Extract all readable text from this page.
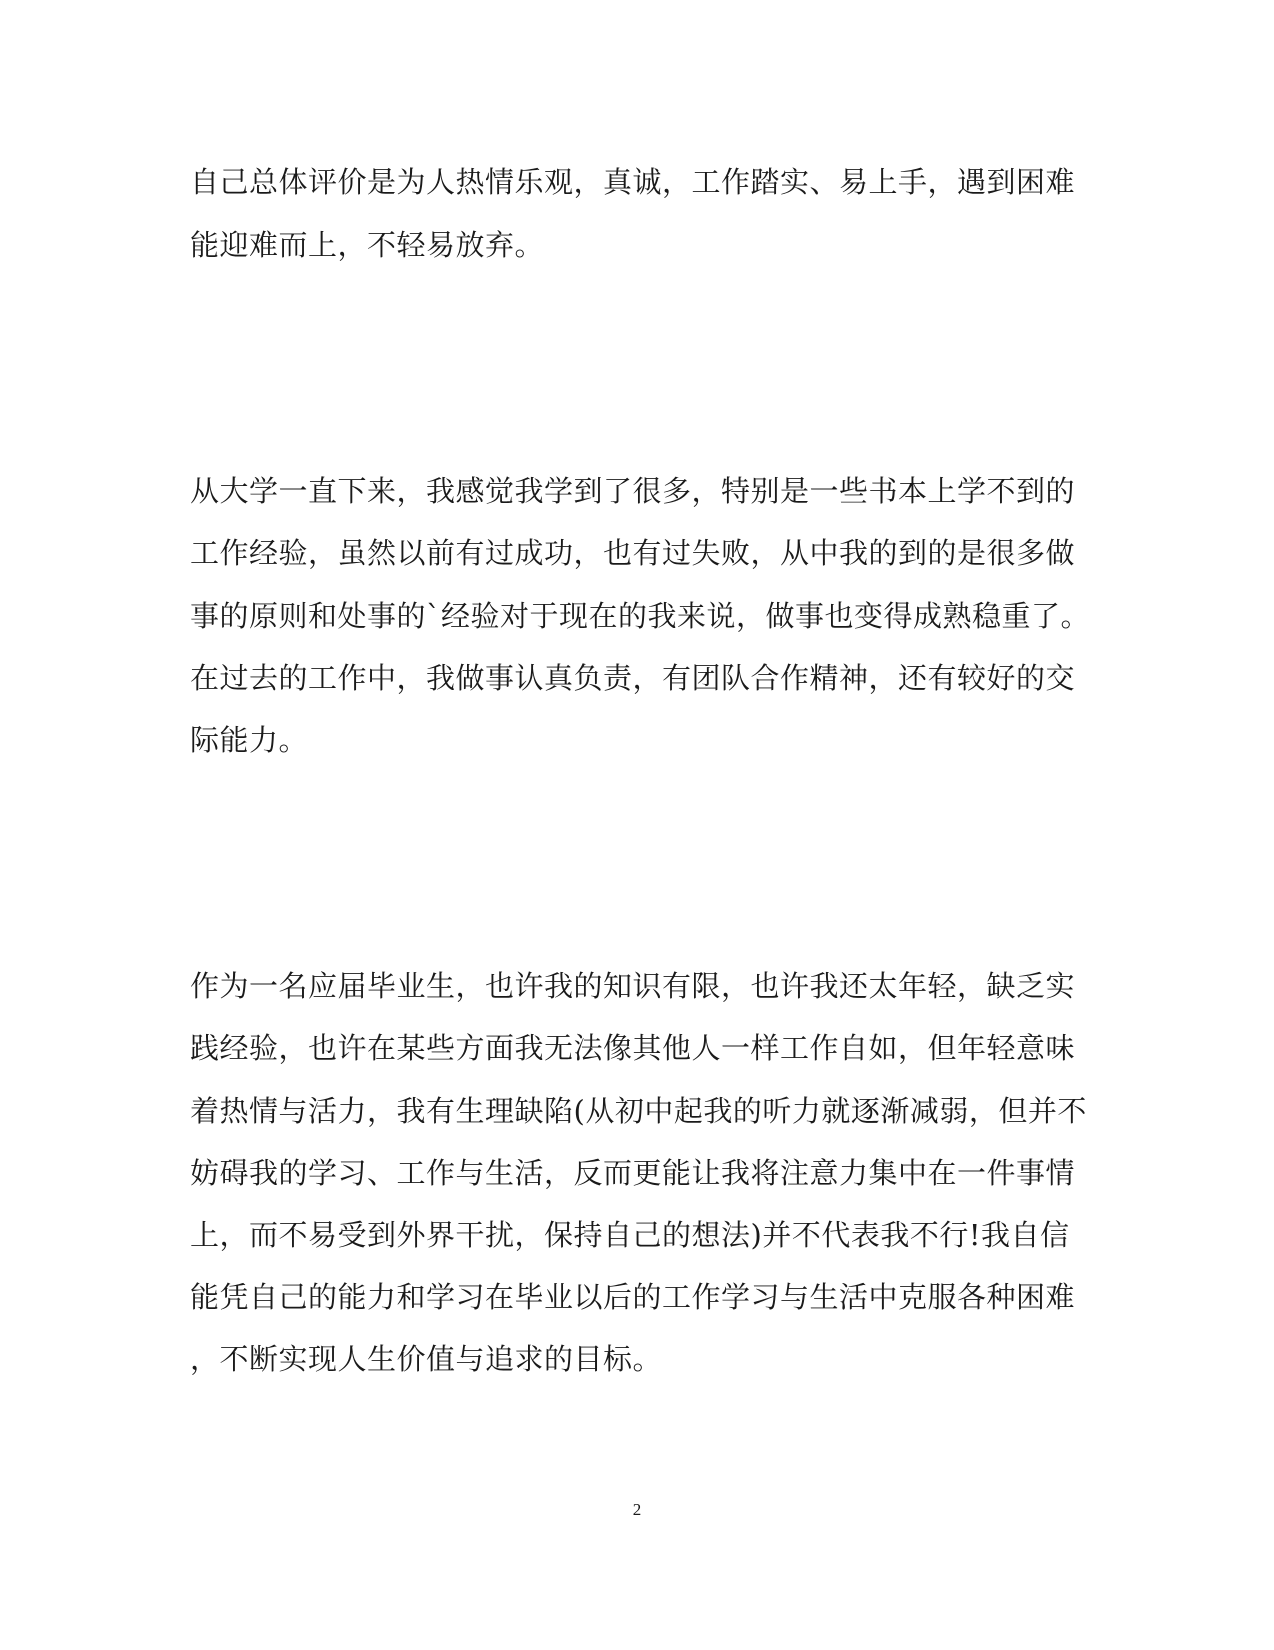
自己总体评价是为人热情乐观，真诚，工作踏实、易上手，遇到困难
能迎难而上，不轻易放弃。
从大学一直下来，我感觉我学到了很多，特别是一些书本上学不到的
工作经验，虽然以前有过成功，也有过失败，从中我的到的是很多做
事的原则和处事的`经验对于现在的我来说，做事也变得成熟稳重了。
在过去的工作中，我做事认真负责，有团队合作精神，还有较好的交
际能力。
作为一名应届毕业生，也许我的知识有限，也许我还太年轻，缺乏实
践经验，也许在某些方面我无法像其他人一样工作自如，但年轻意味
着热情与活力，我有生理缺陷(从初中起我的听力就逐渐减弱，但并不
妨碍我的学习、工作与生活，反而更能让我将注意力集中在一件事情
上，而不易受到外界干扰，保持自己的想法)并不代表我不行!我自信
能凭自己的能力和学习在毕业以后的工作学习与生活中克服各种困难
，不断实现人生价值与追求的目标。
2
